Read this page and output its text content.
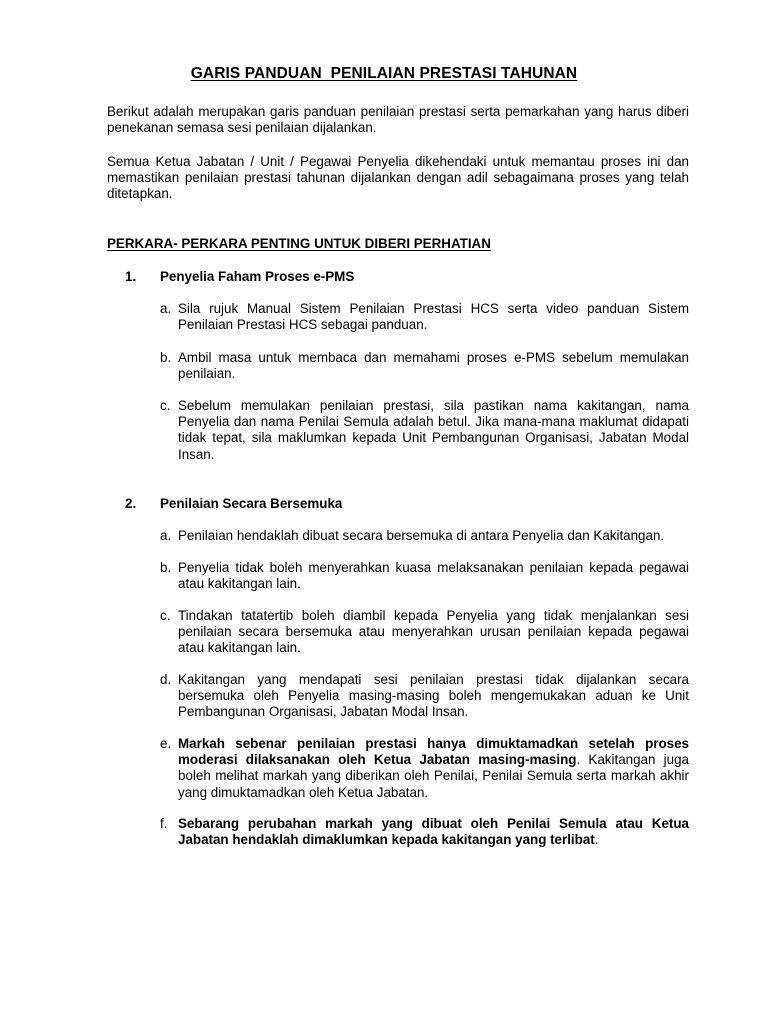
GARIS PANDUAN  PENILAIAN PRESTASI TAHUNAN
Berikut adalah merupakan garis panduan penilaian prestasi serta pemarkahan yang harus diberi penekanan semasa sesi penilaian dijalankan.
Semua Ketua Jabatan / Unit / Pegawai Penyelia dikehendaki untuk memantau proses ini dan memastikan penilaian prestasi tahunan dijalankan dengan adil sebagaimana proses yang telah ditetapkan.
PERKARA- PERKARA PENTING UNTUK DIBERI PERHATIAN
1. Penyelia Faham Proses e-PMS
a. Sila rujuk Manual Sistem Penilaian Prestasi HCS serta video panduan Sistem Penilaian Prestasi HCS sebagai panduan.
b. Ambil masa untuk membaca dan memahami proses e-PMS sebelum memulakan penilaian.
c. Sebelum memulakan penilaian prestasi, sila pastikan nama kakitangan, nama Penyelia dan nama Penilai Semula adalah betul. Jika mana-mana maklumat didapati tidak tepat, sila maklumkan kepada Unit Pembangunan Organisasi, Jabatan Modal Insan.
2. Penilaian Secara Bersemuka
a. Penilaian hendaklah dibuat secara bersemuka di antara Penyelia dan Kakitangan.
b. Penyelia tidak boleh menyerahkan kuasa melaksanakan penilaian kepada pegawai atau kakitangan lain.
c. Tindakan tatatertib boleh diambil kepada Penyelia yang tidak menjalankan sesi penilaian secara bersemuka atau menyerahkan urusan penilaian kepada pegawai atau kakitangan lain.
d. Kakitangan yang mendapati sesi penilaian prestasi tidak dijalankan secara bersemuka oleh Penyelia masing-masing boleh mengemukakan aduan ke Unit Pembangunan Organisasi, Jabatan Modal Insan.
e. Markah sebenar penilaian prestasi hanya dimuktamadkan setelah proses moderasi dilaksanakan oleh Ketua Jabatan masing-masing. Kakitangan juga boleh melihat markah yang diberikan oleh Penilai, Penilai Semula serta markah akhir yang dimuktamadkan oleh Ketua Jabatan.
f. Sebarang perubahan markah yang dibuat oleh Penilai Semula atau Ketua Jabatan hendaklah dimaklumkan kepada kakitangan yang terlibat.
